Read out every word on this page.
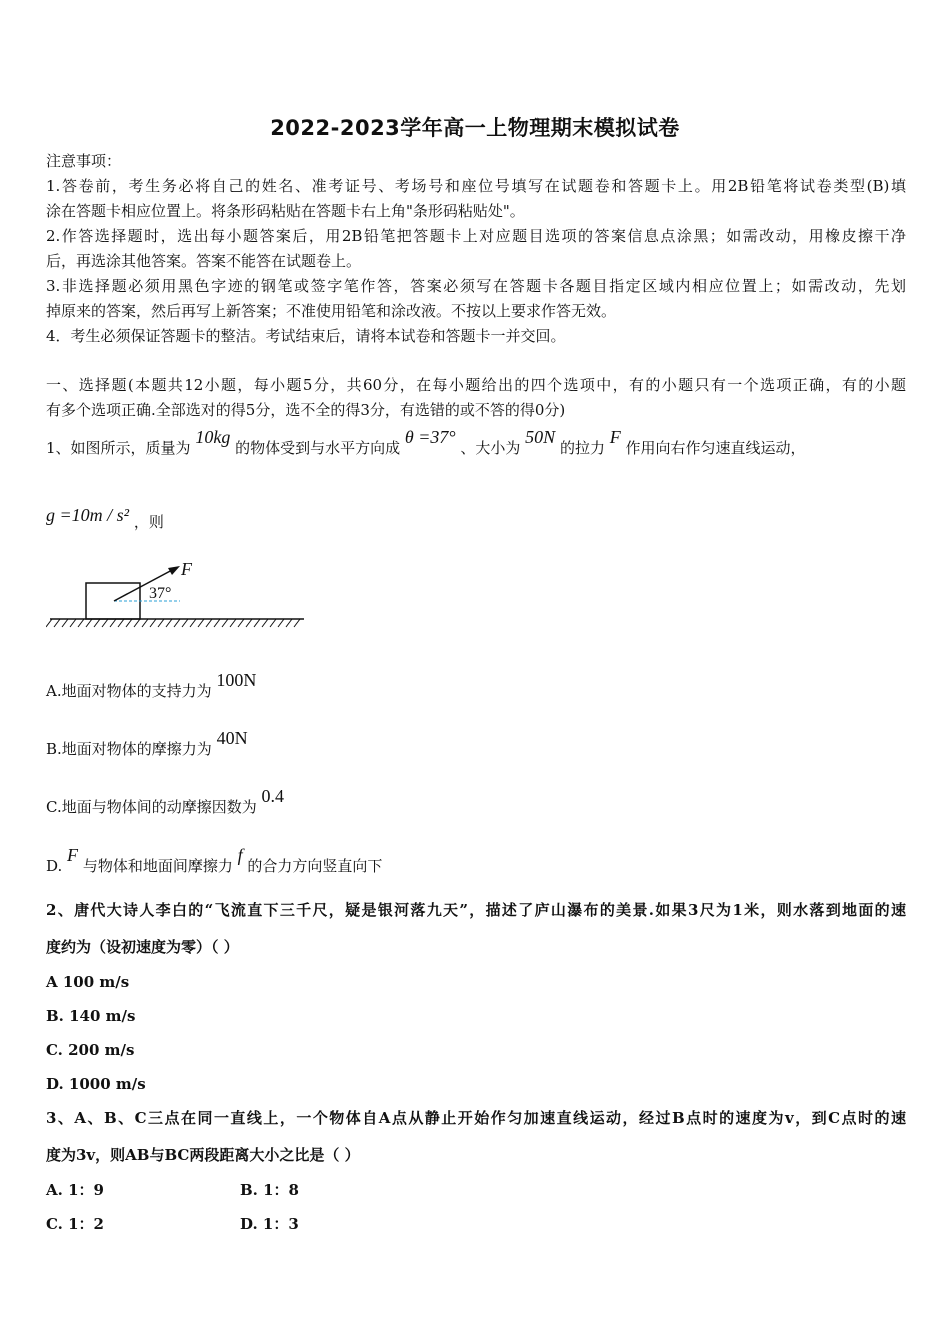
2022-2023学年高一上物理期末模拟试卷
注意事项：
1.答卷前，考生务必将自己的姓名、准考证号、考场号和座位号填写在试题卷和答题卡上。用2B铅笔将试卷类型(B)填
涂在答题卡相应位置上。将条形码粘贴在答题卡右上角"条形码粘贴处"。
2.作答选择题时，选出每小题答案后，用2B铅笔把答题卡上对应题目选项的答案信息点涂黑；如需改动，用橡皮擦干净
后，再选涂其他答案。答案不能答在试题卷上。
3.非选择题必须用黑色字迹的钢笔或签字笔作答，答案必须写在答题卡各题目指定区域内相应位置上；如需改动，先划
掉原来的答案，然后再写上新答案；不准使用铅笔和涂改液。不按以上要求作答无效。
4．考生必须保证答题卡的整洁。考试结束后，请将本试卷和答题卡一并交回。
一、选择题(本题共12小题，每小题5分，共60分，在每小题给出的四个选项中，有的小题只有一个选项正确，有的小题
有多个选项正确.全部选对的得5分，选不全的得3分，有选错的或不答的得0分)
1、如图所示，质量为 10kg 的物体受到与水平方向成 θ =37° 、大小为 50N 的拉力 F 作用向右作匀速直线运动，
g =10m / s² ，则
F
37°
A.地面对物体的支持力为 100N
B.地面对物体的摩擦力为 40N
C.地面与物体间的动摩擦因数为 0.4
D. F 与物体和地面间摩擦力 f 的合力方向竖直向下
2、唐代大诗人李白的“飞流直下三千尺，疑是银河落九天”，描述了庐山瀑布的美景.如果3尺为1米，则水落到地面的速
度约为（设初速度为零）（ ）
A 100 m/s
B. 140 m/s
C. 200 m/s
D. 1000 m/s
3、A、B、C三点在同一直线上，一个物体自A点从静止开始作匀加速直线运动，经过B点时的速度为v，到C点时的速
度为3v，则AB与BC两段距离大小之比是（ ）
A. 1：9	B. 1：8
C. 1：2	D. 1：3
